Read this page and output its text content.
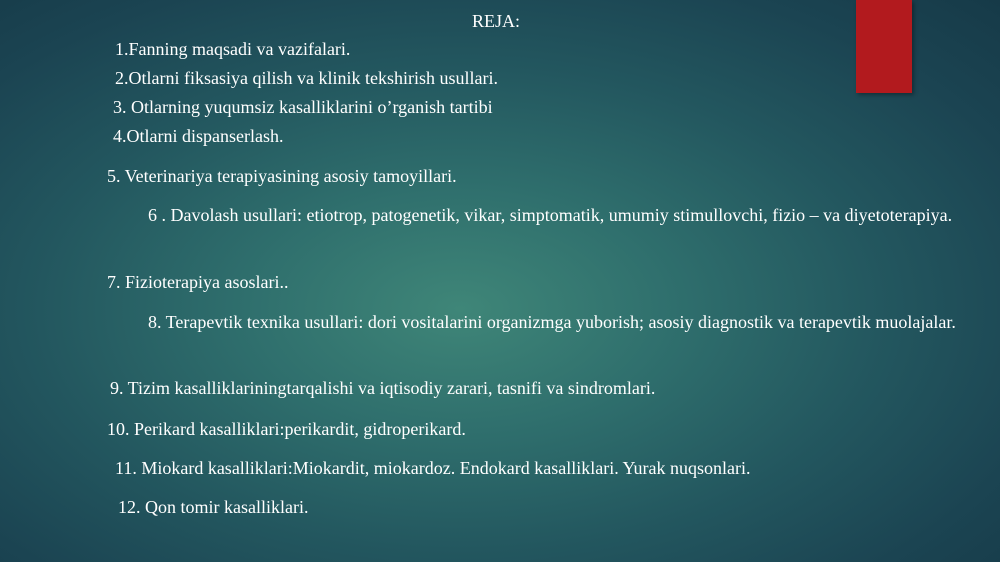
REJA:
1.Fanning maqsadi va vazifalari.
2.Otlarni fiksasiya qilish va klinik tekshirish usullari.
3. Otlarning yuqumsiz kasalliklarini o’rganish tartibi
4.Otlarni dispanserlash.
5. Veterinariya terapiyasining asosiy tamoyillari.
6 . Davolash usullari: etiotrop, patogenetik, vikar, simptomatik, umumiy stimullovchi, fizio – va diyetoterapiya.
7. Fizioterapiya asoslari..
8. Terapevtik texnika usullari: dori vositalarini organizmga yuborish; asosiy diagnostik va terapevtik muolajalar.
9. Tizim kasalliklariningtarqalishi va iqtisodiy zarari, tasnifi va sindromlari.
10. Perikard kasalliklari:perikardit, gidroperikard.
11. Miokard kasalliklari:Miokardit, miokardoz. Endokard kasalliklari. Yurak nuqsonlari.
12. Qon tomir kasalliklari.
